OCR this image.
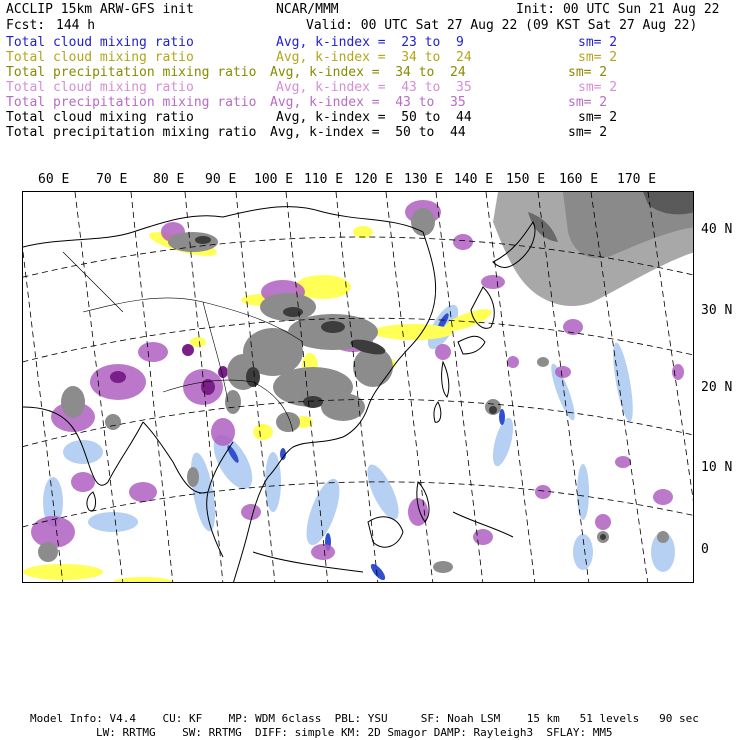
ACCLIP 15km ARW-GFS init	NCAR/MMM	Init: 00 UTC Sun 21 Aug 22
Fcst: 144 h	Valid: 00 UTC Sat 27 Aug 22 (09 KST Sat 27 Aug 22)
Total cloud mixing ratio	Avg, k-index =  23 to  9	sm= 2
Total cloud mixing ratio	Avg, k-index =  34 to  24	sm= 2
Total precipitation mixing ratio Avg, k-index =  34 to  24	sm= 2
Total cloud mixing ratio	Avg, k-index =  43 to  35	sm= 2
Total precipitation mixing ratio Avg, k-index =  43 to  35	sm= 2
Total cloud mixing ratio	Avg, k-index =  50 to  44	sm= 2
Total precipitation mixing ratio Avg, k-index =  50 to  44	sm= 2
60 E 70 E 80 E 90 E 100 E 110 E 120 E 130 E 140 E 150 E 160 E 170 E
40 N
30 N
20 N
10 N
0
Model Info: V4.4    CU: KF    MP: WDM 6class  PBL: YSU     SF: Noah LSM    15 km   51 levels   90 sec
LW: RRTMG    SW: RRTMG  DIFF: simple KM: 2D Smagor DAMP: Rayleigh3  SFLAY: MM5
